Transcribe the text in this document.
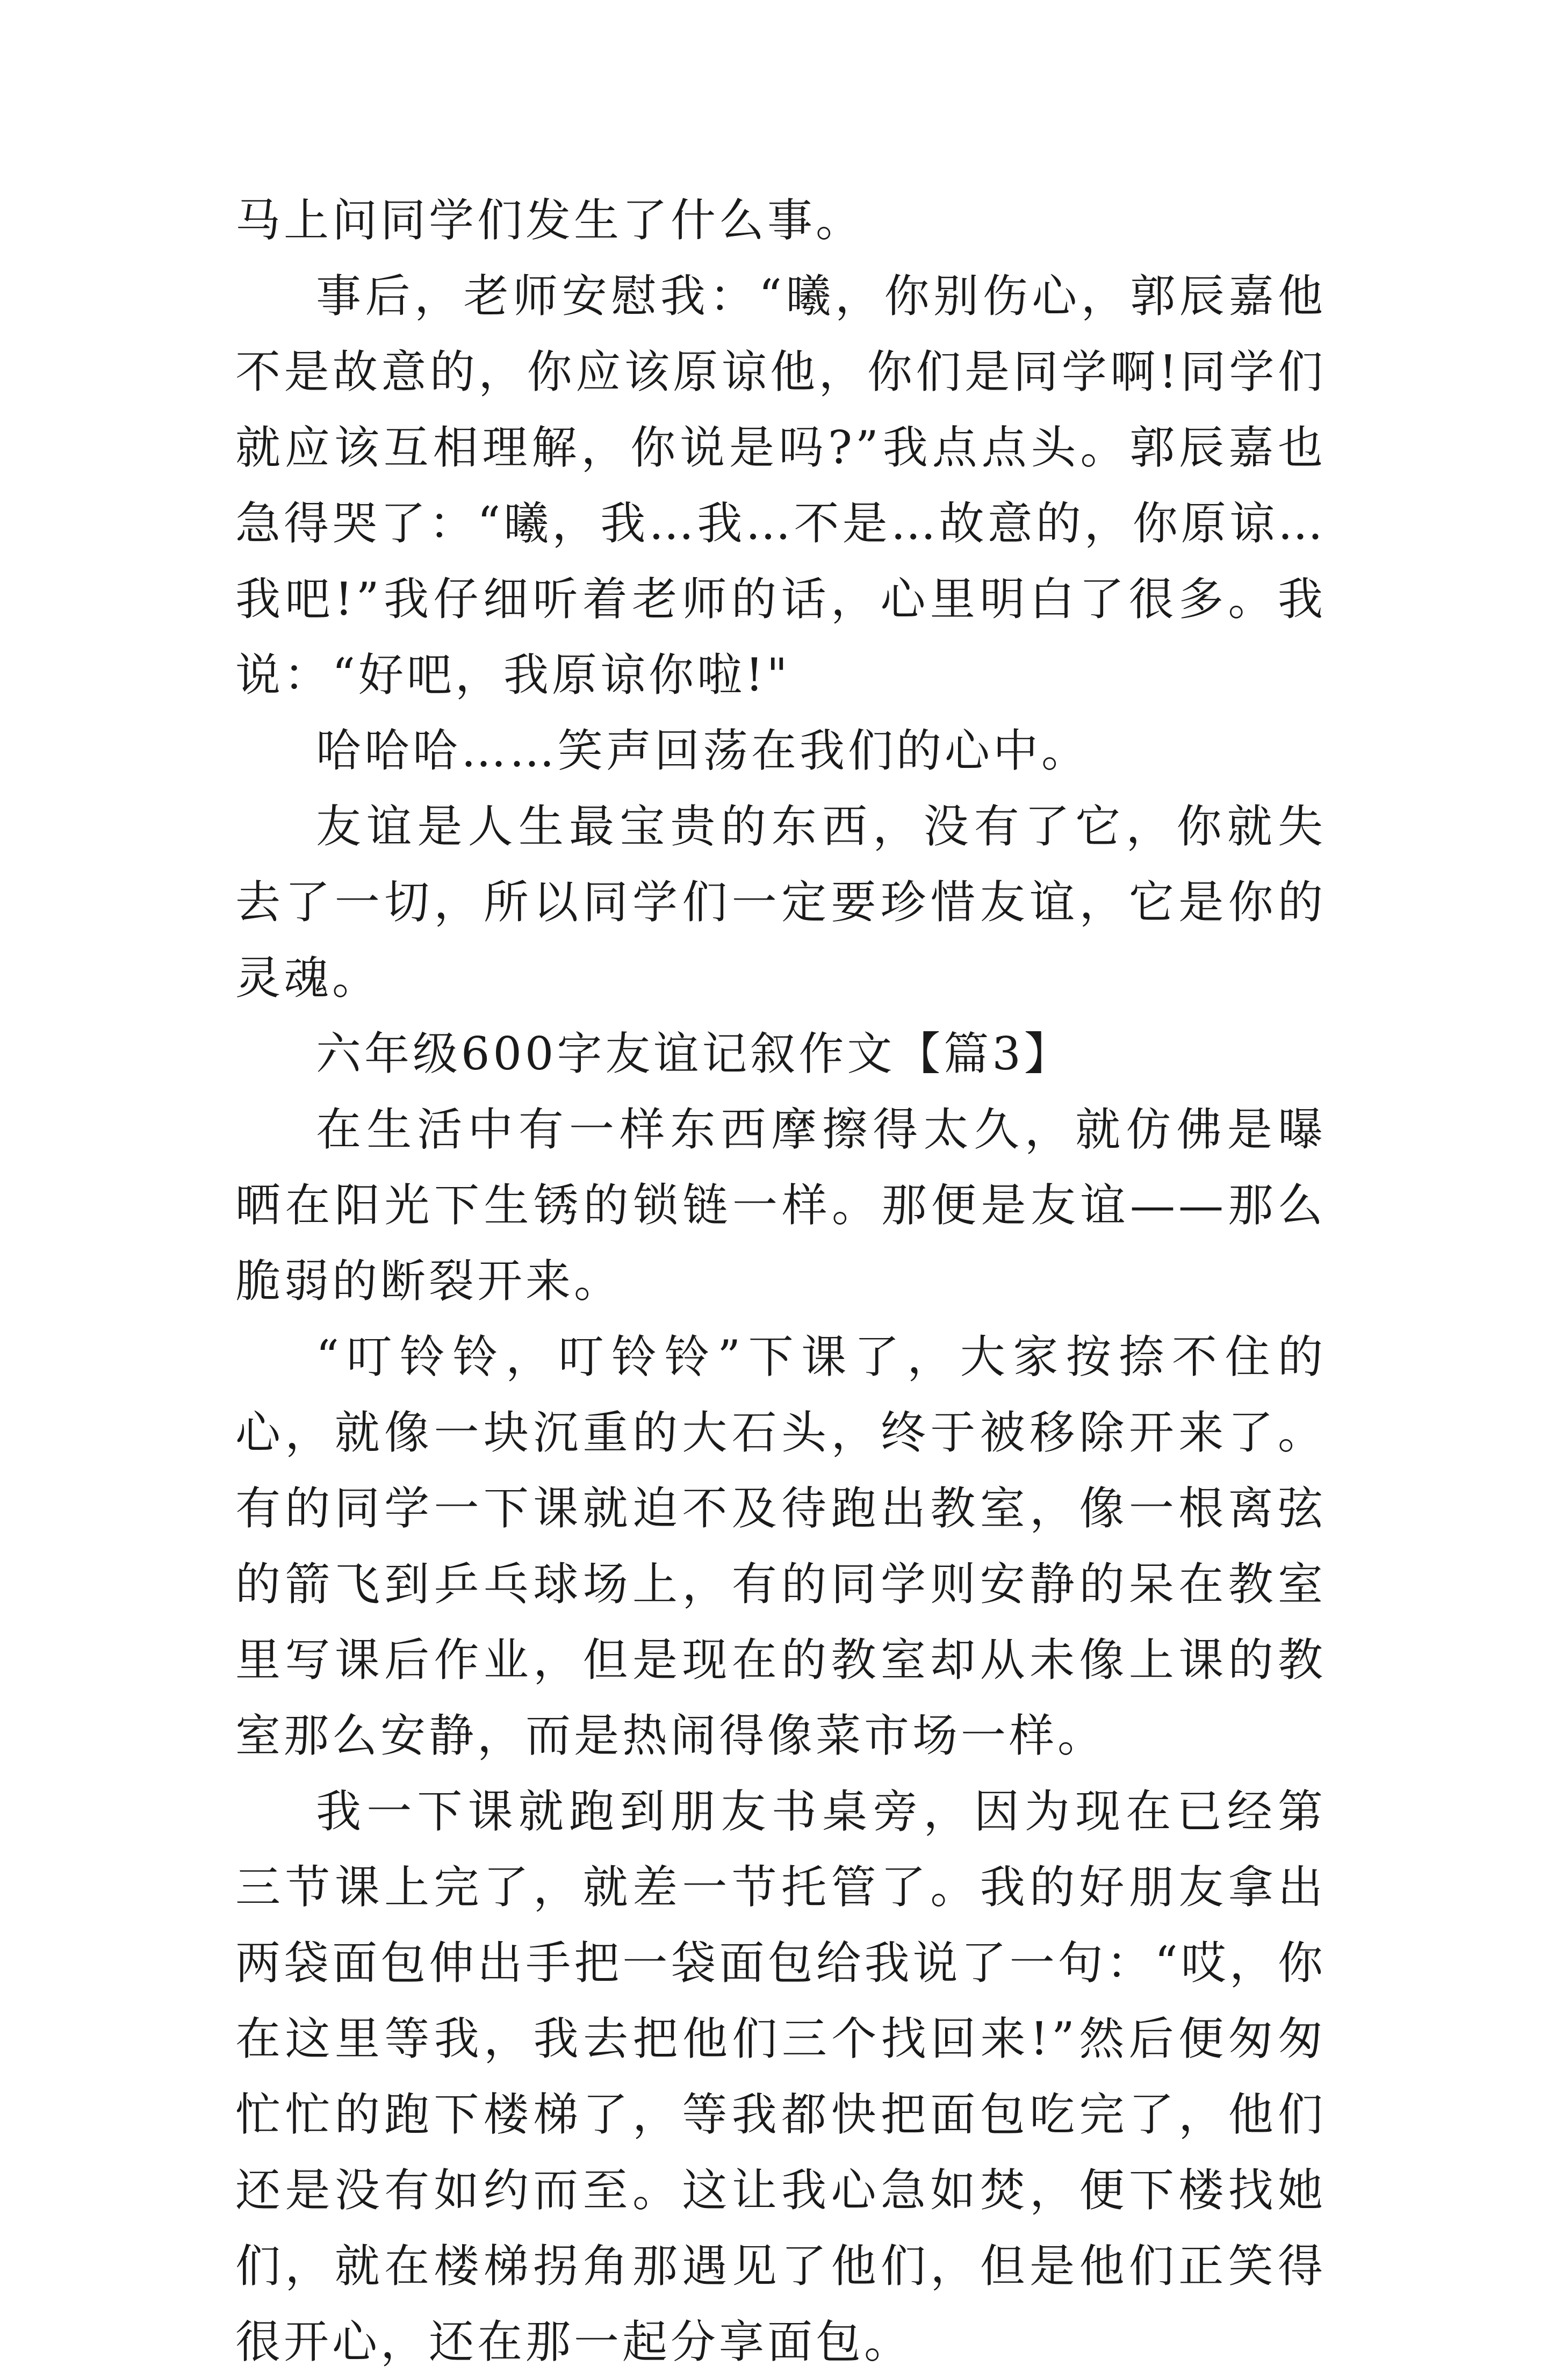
马上问同学们发生了什么事。

事后，老师安慰我：“曦，你别伤心，郭辰嘉他不是故意的，你应该原谅他，你们是同学啊!同学们就应该互相理解，你说是吗?”我点点头。郭辰嘉也急得哭了：“曦，我…我…不是…故意的，你原谅…我吧!”我仔细听着老师的话，心里明白了很多。我说：“好吧，我原谅你啦!"

哈哈哈……笑声回荡在我们的心中。

友谊是人生最宝贵的东西，没有了它，你就失去了一切，所以同学们一定要珍惜友谊，它是你的灵魂。

六年级600字友谊记叙作文【篇3】

在生活中有一样东西摩擦得太久，就仿佛是曝晒在阳光下生锈的锁链一样。那便是友谊——那么脆弱的断裂开来。

“叮铃铃，叮铃铃”下课了，大家按捺不住的心，就像一块沉重的大石头，终于被移除开来了。有的同学一下课就迫不及待跑出教室，像一根离弦的箭飞到乒乓球场上，有的同学则安静的呆在教室里写课后作业，但是现在的教室却从未像上课的教室那么安静，而是热闹得像菜市场一样。

我一下课就跑到朋友书桌旁，因为现在已经第三节课上完了，就差一节托管了。我的好朋友拿出两袋面包伸出手把一袋面包给我说了一句：“哎，你在这里等我，我去把他们三个找回来!”然后便匆匆忙忙的跑下楼梯了，等我都快把面包吃完了，他们还是没有如约而至。这让我心急如焚，便下楼找她们，就在楼梯拐角那遇见了他们，但是他们正笑得很开心，还在那一起分享面包。
